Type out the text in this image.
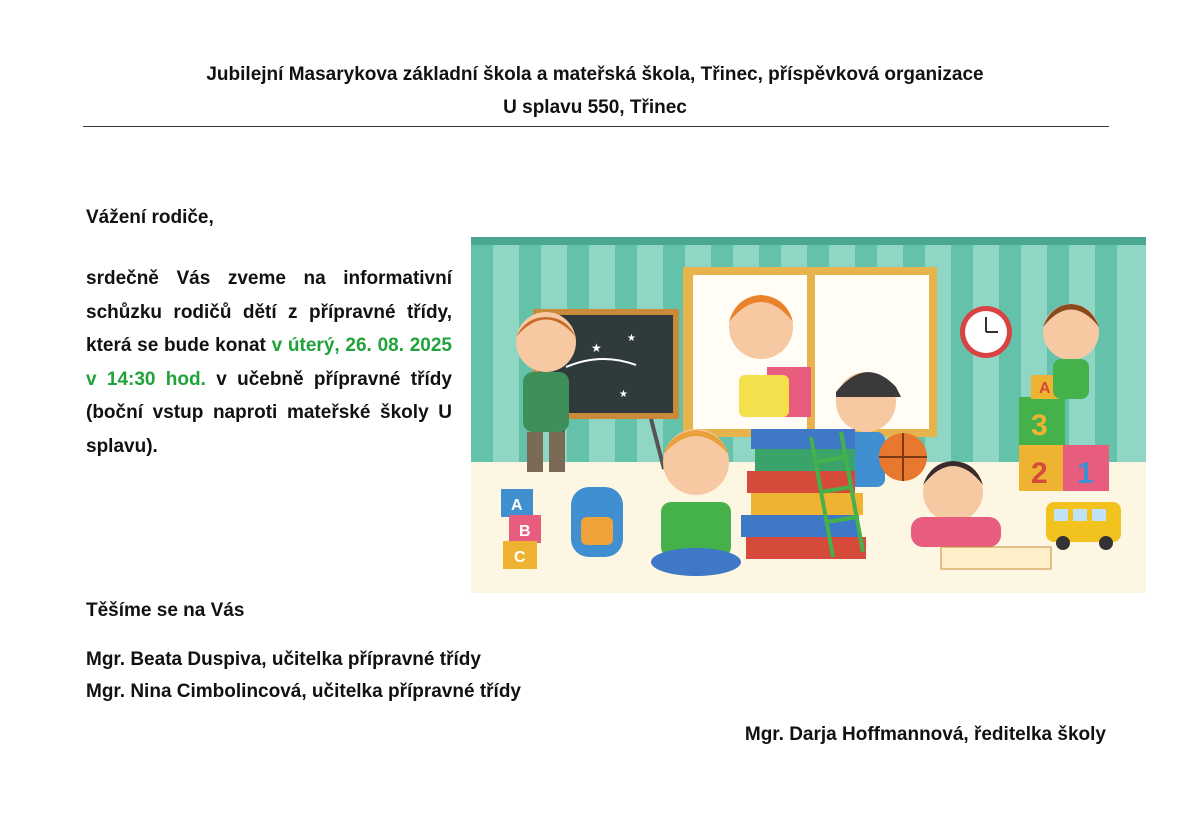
Jubilejní Masarykova základní škola a mateřská škola, Třinec, příspěvková organizace
U splavu 550, Třinec
Vážení rodiče,
srdečně Vás zveme na informativní schůzku rodičů dětí z přípravné třídy, která se bude konat v úterý, 26. 08. 2025 v 14:30 hod. v učebně přípravné třídy (boční vstup naproti mateřské školy U splavu).
★
★
★
A
B
C
A
3
2 1
Těšíme se na Vás
Mgr. Beata Duspiva, učitelka přípravné třídy
Mgr. Nina Cimbolincová, učitelka přípravné třídy
Mgr. Darja Hoffmannová, ředitelka školy
